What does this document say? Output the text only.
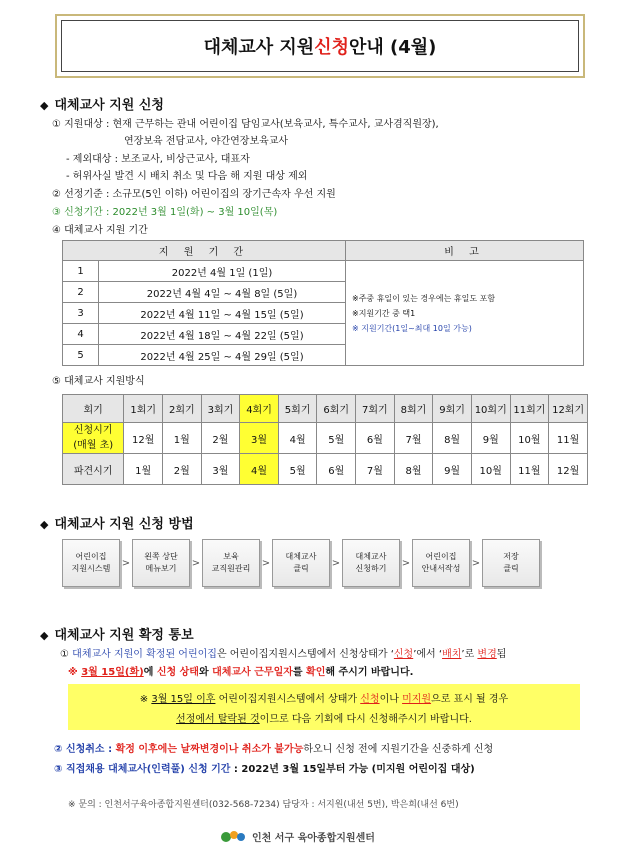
대체교사 지원 신청 안내 (4월)
◆ 대체교사 지원 신청
① 지원대상 : 현재 근무하는 관내 어린이집 담임교사(보육교사, 특수교사, 교사겸직원장),
연장보육 전담교사, 야간연장보육교사
- 제외대상 : 보조교사, 비상근교사, 대표자
- 허위사실 발견 시 배치 취소 및 다음 해 지원 대상 제외
② 선정기준 : 소규모(5인 이하) 어린이집의 장기근속자 우선 지원
③ 신청기간 : 2022년 3월 1일(화) ~ 3월 10일(목)
④ 대체교사 지원 기간
지 원 기 간		비 고
1	2022년 4월 1일 (1일)	※주중 휴일이 있는 경우에는 휴일도 포함
※지원기간 중 택1
※ 지원기간(1일~최대 10일 가능)

2	2022년 4월 4일 ~ 4월 8일 (5일)	
3	2022년 4월 11일 ~ 4월 15일 (5일)	
4	2022년 4월 18일 ~ 4월 22일 (5일)	
5	2022년 4월 25일 ~ 4월 29일 (5일)	
⑤ 대체교사 지원방식
회기	1회기	2회기	3회기	4회기	5회기	6회기	7회기	8회기	9회기	10회기	11회기	12회기

신청시기
(매월 초)	12월	1월	2월	3월	4월	5월	6월	7월	8월	9월	10월	11월
파견시기	1월	2월	3월	4월	5월	6월	7월	8월	9월	10월	11월	12월
◆ 대체교사 지원 신청 방법
어린이집
지원시스템	>
왼쪽 상단
메뉴보기	>
보육
교직원관리	>
대체교사
클릭	>
대체교사
신청하기	>
어린이집
안내서작성	>
저장
클릭
◆ 대체교사 지원 확정 통보
① 대체교사 지원이 확정된 어린이집은 어린이집지원시스템에서 신청상태가 ‘신청’에서 ‘배치’로 변경됨
※ 3월 15일(화)에 신청 상태와 대체교사 근무일자를 확인해 주시기 바랍니다.
※ 3월 15일 이후 어린이집지원시스템에서 상태가 신청이나 미지원으로 표시 될 경우
선정에서 탈락된 것이므로 다음 기회에 다시 신청해주시기 바랍니다.
② 신청취소 : 확정 이후에는 날짜변경이나 취소가 불가능하오니 신청 전에 지원기간을 신중하게 신청
③ 직접채용 대체교사(인력풀) 신청 기간 : 2022년 3월 15일부터 가능 (미지원 어린이집 대상)
※ 문의 : 인천서구육아종합지원센터(032-568-7234) 담당자 : 서지원(내선 5번), 박은희(내선 6번)
인천 서구 육아종합지원센터
